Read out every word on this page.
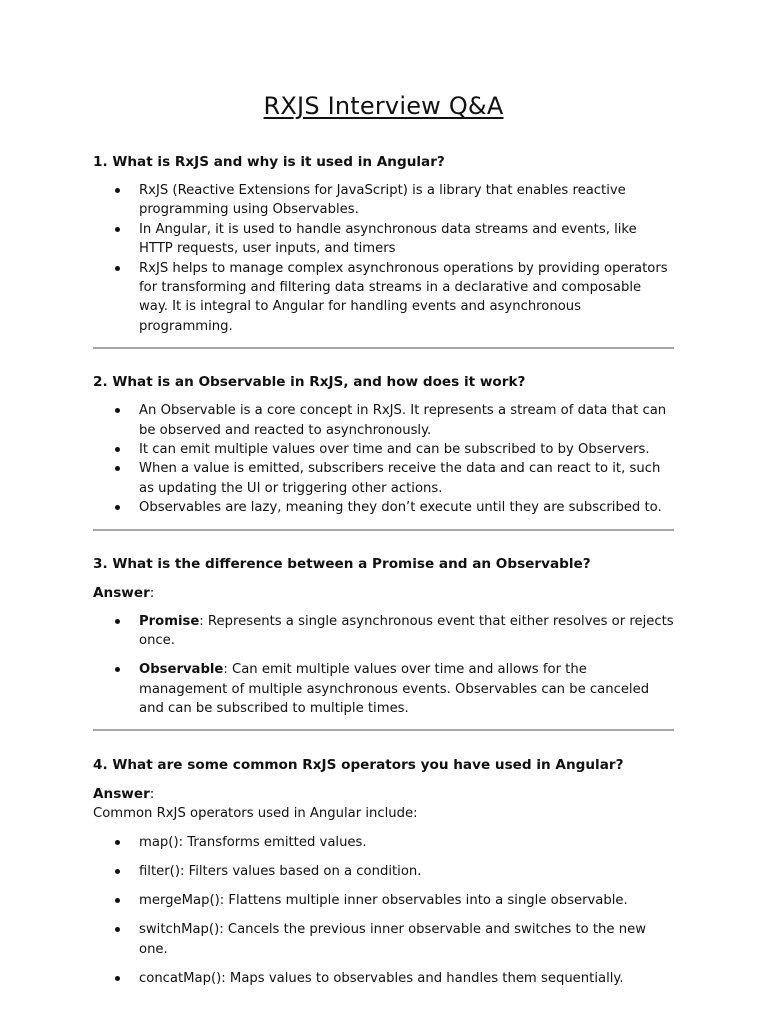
RXJS Interview Q&A

1. What is RxJS and why is it used in Angular?

RxJS (Reactive Extensions for JavaScript) is a library that enables reactive programming using Observables.
In Angular, it is used to handle asynchronous data streams and events, like HTTP requests, user inputs, and timers
RxJS helps to manage complex asynchronous operations by providing operators for transforming and filtering data streams in a declarative and composable way. It is integral to Angular for handling events and asynchronous programming.

2. What is an Observable in RxJS, and how does it work?

An Observable is a core concept in RxJS. It represents a stream of data that can be observed and reacted to asynchronously.
It can emit multiple values over time and can be subscribed to by Observers.
When a value is emitted, subscribers receive the data and can react to it, such as updating the UI or triggering other actions.
Observables are lazy, meaning they don’t execute until they are subscribed to.

3. What is the difference between a Promise and an Observable?

Answer:

Promise: Represents a single asynchronous event that either resolves or rejects once.
Observable: Can emit multiple values over time and allows for the management of multiple asynchronous events. Observables can be canceled and can be subscribed to multiple times.

4. What are some common RxJS operators you have used in Angular?

Answer:

Common RxJS operators used in Angular include:

map(): Transforms emitted values.
filter(): Filters values based on a condition.
mergeMap(): Flattens multiple inner observables into a single observable.
switchMap(): Cancels the previous inner observable and switches to the new one.
concatMap(): Maps values to observables and handles them sequentially.
